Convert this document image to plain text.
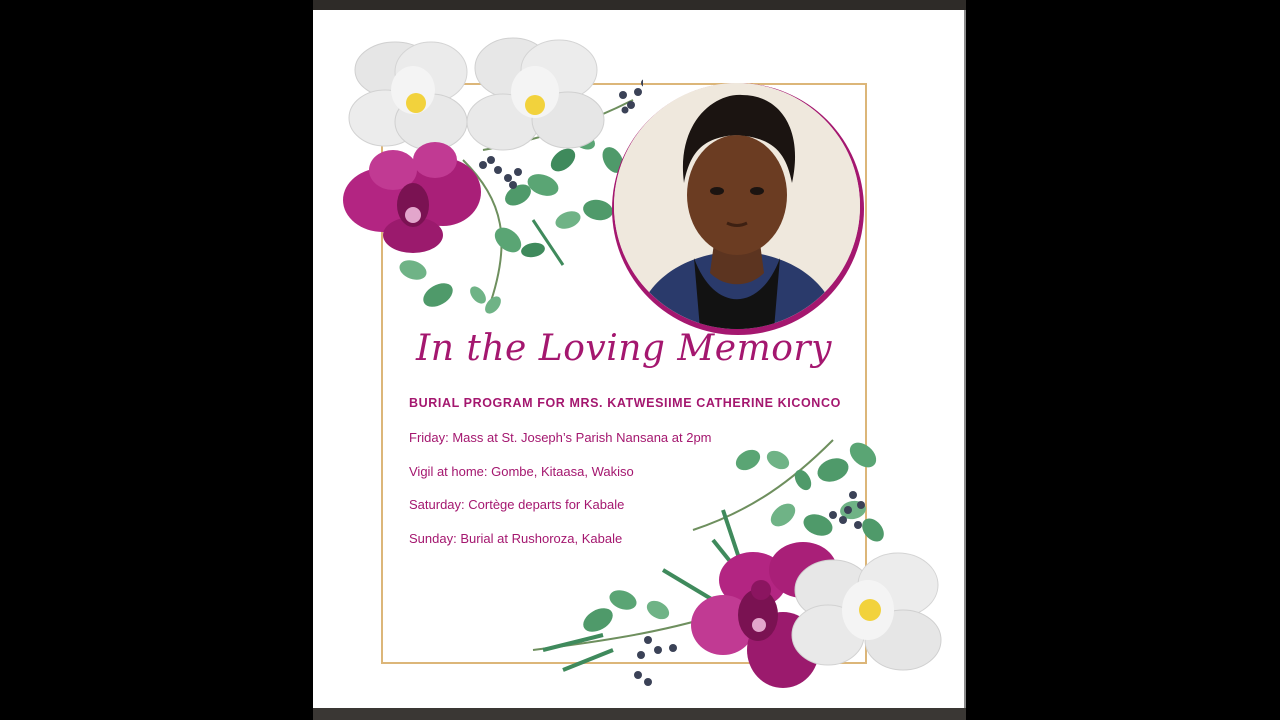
In the Loving Memory
BURIAL PROGRAM FOR MRS. KATWESIIME CATHERINE KICONCO
Friday: Mass at St. Joseph’s Parish Nansana at 2pm
Vigil at home: Gombe, Kitaasa, Wakiso
Saturday: Cortège departs for Kabale
Sunday: Burial at Rushoroza, Kabale
